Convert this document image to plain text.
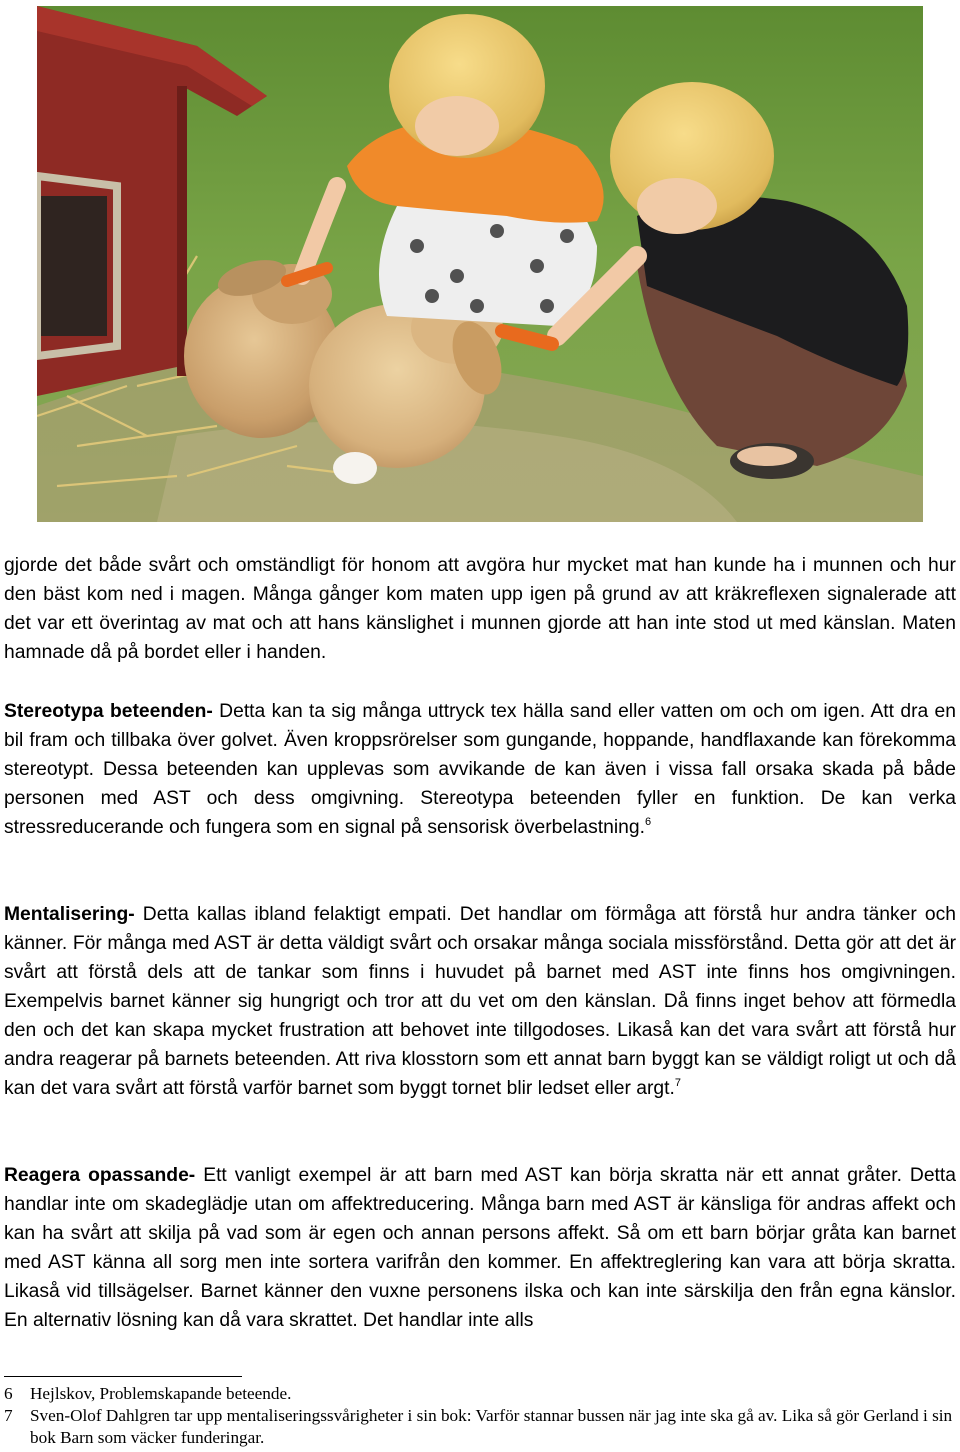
gjorde det både svårt och omständligt för honom att avgöra hur mycket mat han kunde ha i munnen och hur den bäst kom ned i magen. Många gånger kom maten upp igen på grund av att kräkreflexen signalerade att det var ett överintag av mat och att hans känslighet i munnen gjorde att han inte stod ut med känslan. Maten hamnade då på bordet eller i handen.

Stereotypa beteenden- Detta kan ta sig många uttryck tex hälla sand eller vatten om och om igen. Att dra en bil fram och tillbaka över golvet. Även kroppsrörelser som gungande, hoppande, handflaxande kan förekomma stereotypt. Dessa beteenden kan upplevas som avvikande de kan även i vissa fall orsaka skada på både personen med AST och dess omgivning. Stereotypa beteenden fyller en funktion. De kan verka stressreducerande och fungera som en signal på sensorisk överbelastning.$^6$

Mentalisering- Detta kallas ibland felaktigt empati. Det handlar om förmåga att förstå hur andra tänker och känner. För många med AST är detta väldigt svårt och orsakar många sociala missförstånd. Detta gör att det är svårt att förstå dels att de tankar som finns i huvudet på barnet med AST inte finns hos omgivningen. Exempelvis barnet känner sig hungrigt och tror att du vet om den känslan. Då finns inget behov att förmedla den och det kan skapa mycket frustration att behovet inte tillgodoses. Likaså kan det vara svårt att förstå hur andra reagerar på barnets beteenden. Att riva klosstorn som ett annat barn byggt kan se väldigt roligt ut och då kan det vara svårt att förstå varför barnet som byggt tornet blir ledset eller argt.$^7$

Reagera opassande- Ett vanligt exempel är att barn med AST kan börja skratta när ett annat gråter. Detta handlar inte om skadeglädje utan om affektreducering. Många barn med AST är känsliga för andras affekt och kan ha svårt att skilja på vad som är egen och annan persons affekt. Så om ett barn börjar gråta kan barnet med AST känna all sorg men inte sortera varifrån den kommer. En affektreglering kan vara att börja skratta. Likaså vid tillsägelser. Barnet känner den vuxne personens ilska och kan inte särskilja den från egna känslor. En alternativ lösning kan då vara skrattet. Det handlar inte alls

6	Hejlskov, Problemskapande beteende.
7	Sven-Olof Dahlgren tar upp mentaliseringssvårigheter i sin bok: Varför stannar bussen när jag inte ska gå av. Lika så gör Gerland i sin bok Barn som väcker funderingar.
